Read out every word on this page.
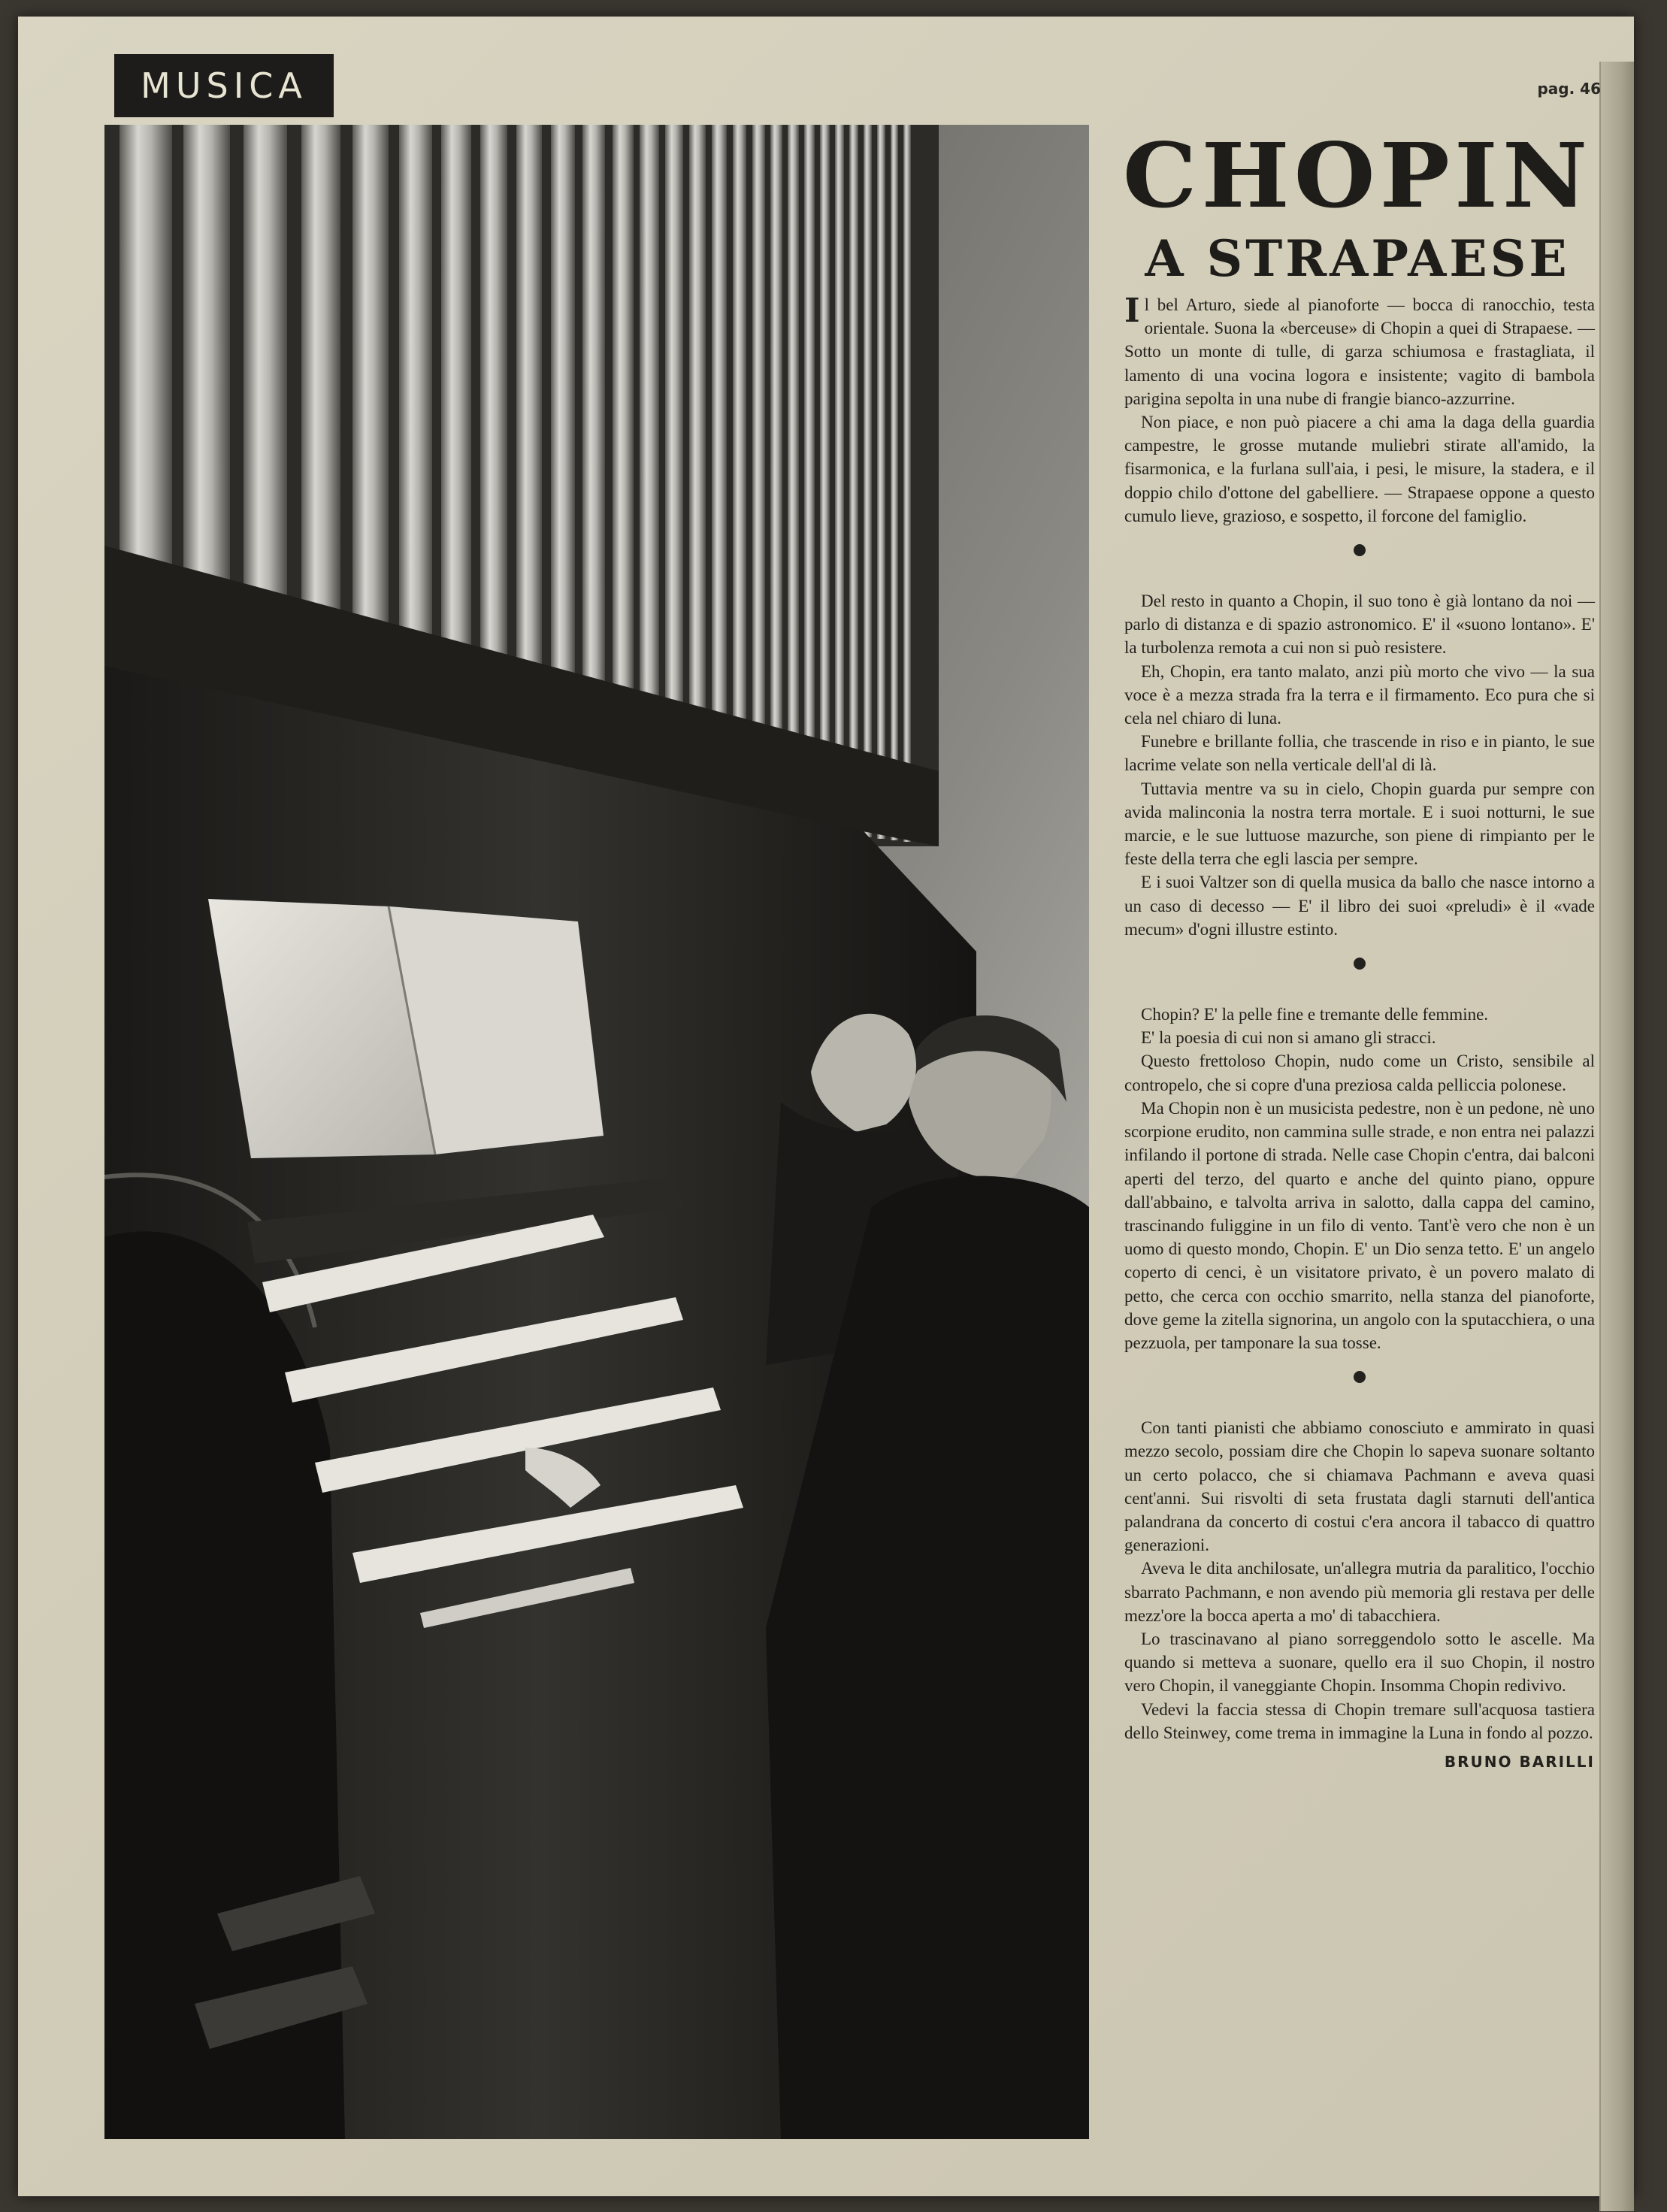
MUSICA	pag. 46
CHOPIN
A STRAPAESE

Il bel Arturo, siede al pianoforte — bocca di ranocchio, testa orientale. Suona la «berceuse» di Chopin a quei di Strapaese. — Sotto un monte di tulle, di garza schiumosa e frastagliata, il lamento di una vocina logora e insistente; vagito di bambola parigina sepolta in una nube di frangie bianco-azzurrine.

Non piace, e non può piacere a chi ama la daga della guardia campestre, le grosse mutande muliebri stirate all'amido, la fisarmonica, e la furlana sull'aia, i pesi, le misure, la stadera, e il doppio chilo d'ottone del gabelliere. — Strapaese oppone a questo cumulo lieve, grazioso, e sospetto, il forcone del famiglio.

Del resto in quanto a Chopin, il suo tono è già lontano da noi — parlo di distanza e di spazio astronomico. E' il «suono lontano». E' la turbolenza remota a cui non si può resistere.

Eh, Chopin, era tanto malato, anzi più morto che vivo — la sua voce è a mezza strada fra la terra e il firmamento. Eco pura che si cela nel chiaro di luna.

Funebre e brillante follia, che trascende in riso e in pianto, le sue lacrime velate son nella verticale dell'al di là.

Tuttavia mentre va su in cielo, Chopin guarda pur sempre con avida malinconia la nostra terra mortale. E i suoi notturni, le sue marcie, e le sue luttuose mazurche, son piene di rimpianto per le feste della terra che egli lascia per sempre.

E i suoi Valtzer son di quella musica da ballo che nasce intorno a un caso di decesso — E' il libro dei suoi «preludi» è il «vade mecum» d'ogni illustre estinto.

Chopin? E' la pelle fine e tremante delle femmine.

E' la poesia di cui non si amano gli stracci.

Questo frettoloso Chopin, nudo come un Cristo, sensibile al contropelo, che si copre d'una preziosa calda pelliccia polonese.

Ma Chopin non è un musicista pedestre, non è un pedone, nè uno scorpione erudito, non cammina sulle strade, e non entra nei palazzi infilando il portone di strada. Nelle case Chopin c'entra, dai balconi aperti del terzo, del quarto e anche del quinto piano, oppure dall'abbaino, e talvolta arriva in salotto, dalla cappa del camino, trascinando fuliggine in un filo di vento. Tant'è vero che non è un uomo di questo mondo, Chopin. E' un Dio senza tetto. E' un angelo coperto di cenci, è un visitatore privato, è un povero malato di petto, che cerca con occhio smarrito, nella stanza del pianoforte, dove geme la zitella signorina, un angolo con la sputacchiera, o una pezzuola, per tamponare la sua tosse.

Con tanti pianisti che abbiamo conosciuto e ammirato in quasi mezzo secolo, possiam dire che Chopin lo sapeva suonare soltanto un certo polacco, che si chiamava Pachmann e aveva quasi cent'anni. Sui risvolti di seta frustata dagli starnuti dell'antica palandrana da concerto di costui c'era ancora il tabacco di quattro generazioni.

Aveva le dita anchilosate, un'allegra mutria da paralitico, l'occhio sbarrato Pachmann, e non avendo più memoria gli restava per delle mezz'ore la bocca aperta a mo' di tabacchiera.

Lo trascinavano al piano sorreggendolo sotto le ascelle. Ma quando si metteva a suonare, quello era il suo Chopin, il nostro vero Chopin, il vaneggiante Chopin. Insomma Chopin redivivo.

Vedevi la faccia stessa di Chopin tremare sull'acquosa tastiera dello Steinwey, come trema in immagine la Luna in fondo al pozzo.

BRUNO BARILLI
